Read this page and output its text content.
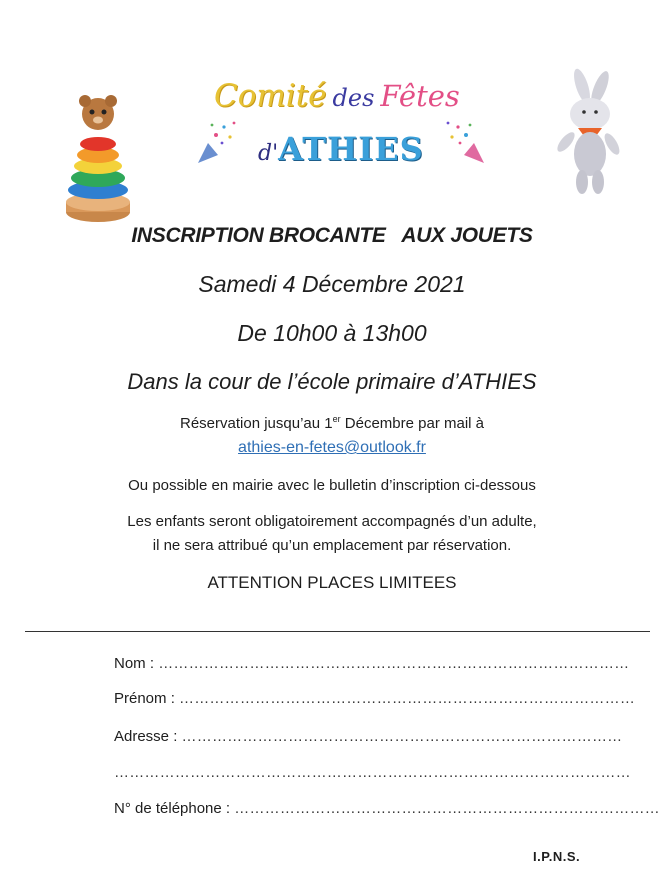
Comité des Fêtes
d'ATHIES
INSCRIPTION BROCANTE   AUX JOUETS
Samedi 4 Décembre 2021
De 10h00 à 13h00
Dans la cour de l’école primaire d’ATHIES
Réservation jusqu’au 1er Décembre par mail à
athies-en-fetes@outlook.fr
Ou possible en mairie avec le bulletin d’inscription ci-dessous
Les enfants seront obligatoirement accompagnés d’un adulte,
il ne sera attribué qu’un emplacement par réservation.
ATTENTION PLACES LIMITEES
Nom : …………………………………………………………………………………
Prénom : ………………………………………………………………………………
Adresse : ……………………………………………………………………………
…………………………………………………………………………………………
N° de téléphone : …………………………………………………………………………
I.P.N.S.
